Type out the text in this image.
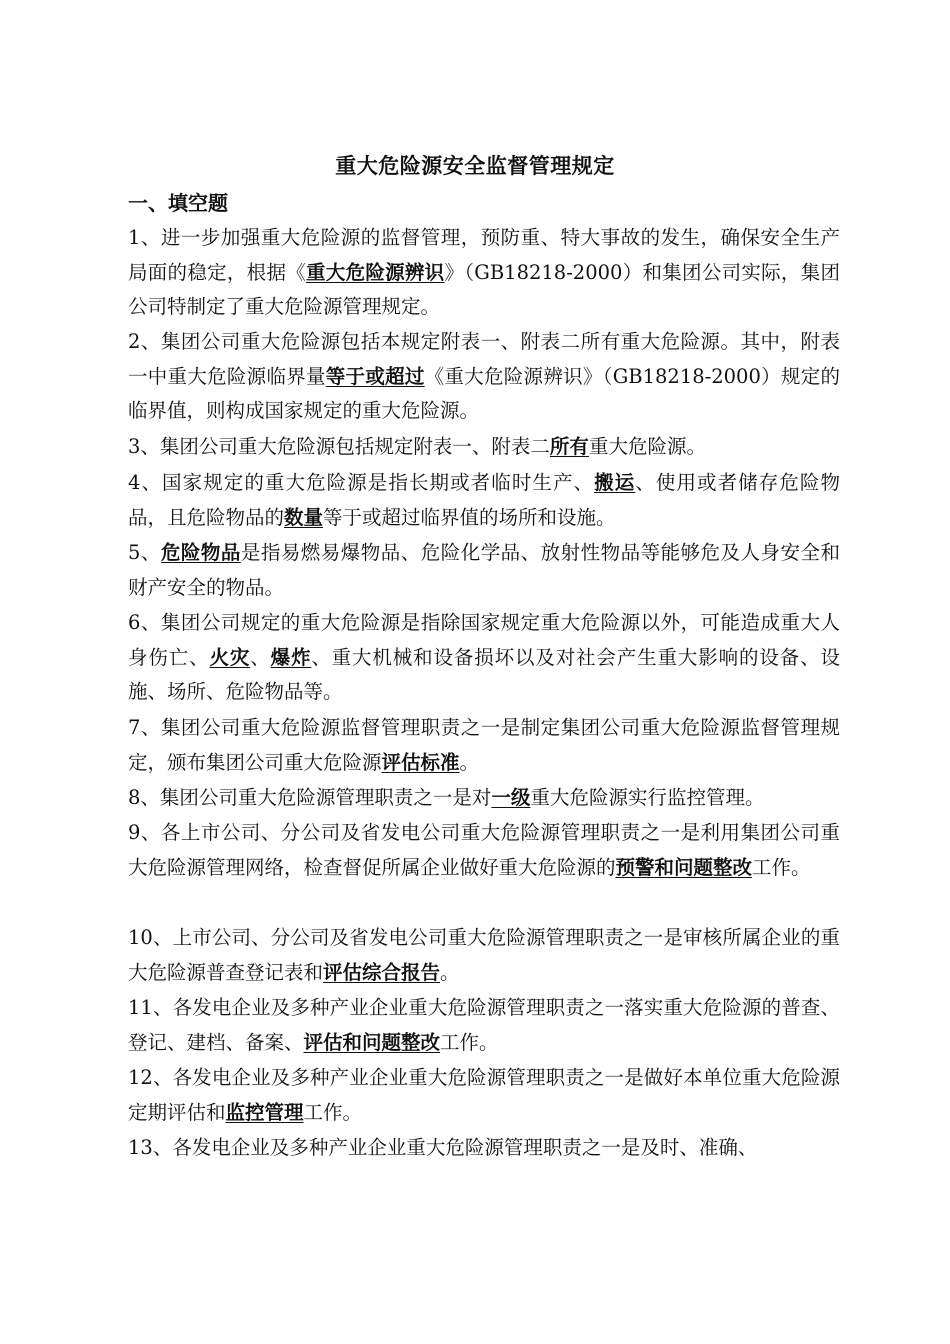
重大危险源安全监督管理规定
一、填空题
1、进一步加强重大危险源的监督管理，预防重、特大事故的发生，确保安全生产局面的稳定，根据《重大危险源辨识》（GB18218-2000）和集团公司实际，集团公司特制定了重大危险源管理规定。
2、集团公司重大危险源包括本规定附表一、附表二所有重大危险源。其中，附表一中重大危险源临界量等于或超过《重大危险源辨识》（GB18218-2000）规定的临界值，则构成国家规定的重大危险源。
3、集团公司重大危险源包括规定附表一、附表二所有重大危险源。
4、国家规定的重大危险源是指长期或者临时生产、搬运、使用或者储存危险物品，且危险物品的数量等于或超过临界值的场所和设施。
5、危险物品是指易燃易爆物品、危险化学品、放射性物品等能够危及人身安全和财产安全的物品。
6、集团公司规定的重大危险源是指除国家规定重大危险源以外，可能造成重大人身伤亡、火灾、爆炸、重大机械和设备损坏以及对社会产生重大影响的设备、设施、场所、危险物品等。
7、集团公司重大危险源监督管理职责之一是制定集团公司重大危险源监督管理规定，颁布集团公司重大危险源评估标准。
8、集团公司重大危险源管理职责之一是对一级重大危险源实行监控管理。
9、各上市公司、分公司及省发电公司重大危险源管理职责之一是利用集团公司重大危险源管理网络，检查督促所属企业做好重大危险源的预警和问题整改工作。
10、上市公司、分公司及省发电公司重大危险源管理职责之一是审核所属企业的重大危险源普查登记表和评估综合报告。
11、各发电企业及多种产业企业重大危险源管理职责之一落实重大危险源的普查、登记、建档、备案、评估和问题整改工作。
12、各发电企业及多种产业企业重大危险源管理职责之一是做好本单位重大危险源定期评估和监控管理工作。
13、各发电企业及多种产业企业重大危险源管理职责之一是及时、准确、
